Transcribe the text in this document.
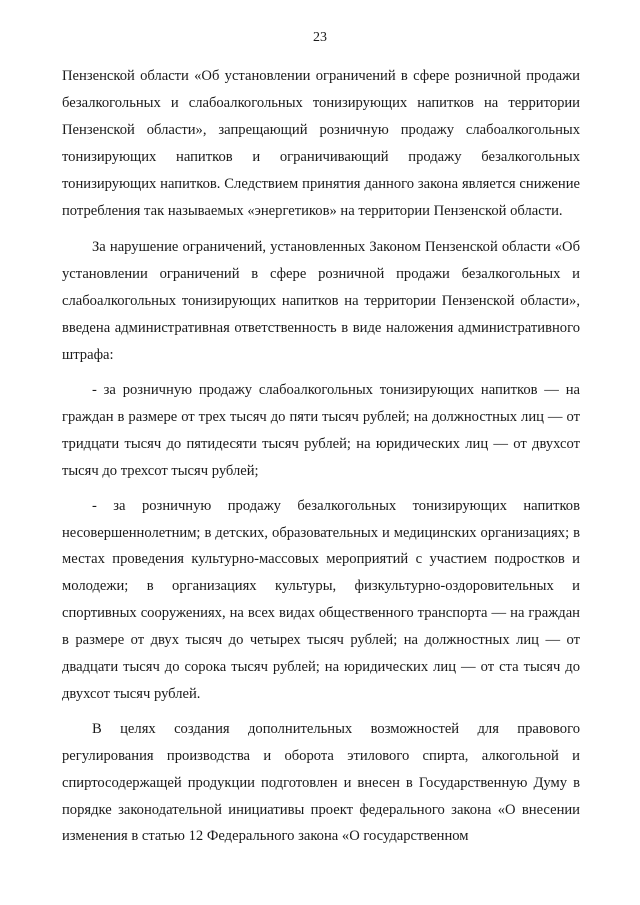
23

Пензенской области «Об установлении ограничений в сфере розничной продажи безалкогольных и слабоалкогольных тонизирующих напитков на территории Пензенской области», запрещающий розничную продажу слабоалкогольных тонизирующих напитков и ограничивающий продажу безалкогольных тонизирующих напитков. Следствием принятия данного закона является снижение потребления так называемых «энергетиков» на территории Пензенской области.

За нарушение ограничений, установленных Законом Пензенской области «Об установлении ограничений в сфере розничной продажи безалкогольных и слабоалкогольных тонизирующих напитков на территории Пензенской области», введена административная ответственность в виде наложения административного штрафа:

- за розничную продажу слабоалкогольных тонизирующих напитков — на граждан в размере от трех тысяч до пяти тысяч рублей; на должностных лиц — от тридцати тысяч до пятидесяти тысяч рублей; на юридических лиц — от двухсот тысяч до трехсот тысяч рублей;

- за розничную продажу безалкогольных тонизирующих напитков несовершеннолетним; в детских, образовательных и медицинских организациях; в местах проведения культурно-массовых мероприятий с участием подростков и молодежи; в организациях культуры, физкультурно-оздоровительных и спортивных сооружениях, на всех видах общественного транспорта — на граждан в размере от двух тысяч до четырех тысяч рублей; на должностных лиц — от двадцати тысяч до сорока тысяч рублей; на юридических лиц — от ста тысяч до двухсот тысяч рублей.

В целях создания дополнительных возможностей для правового регулирования производства и оборота этилового спирта, алкогольной и спиртосодержащей продукции подготовлен и внесен в Государственную Думу в порядке законодательной инициативы проект федерального закона «О внесении изменения в статью 12 Федерального закона «О государственном
